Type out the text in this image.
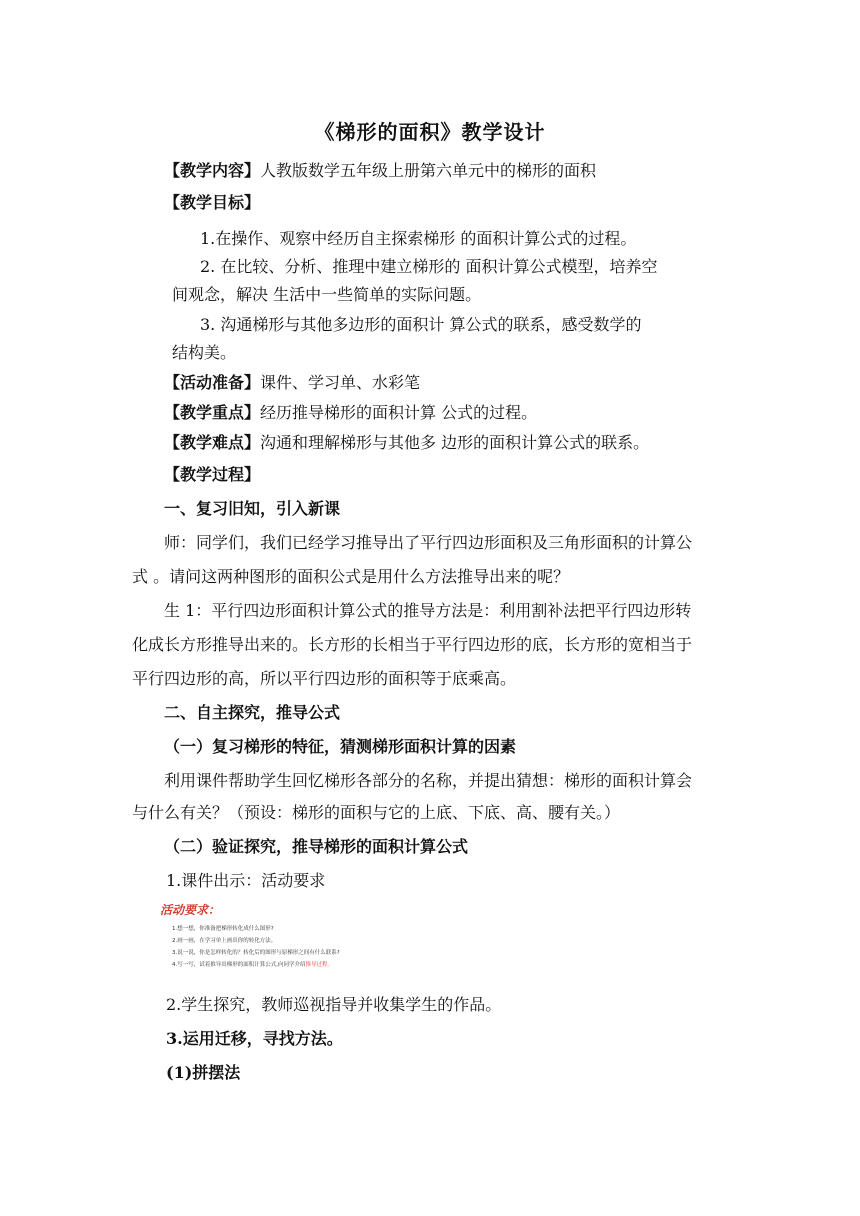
《梯形的面积》教学设计
【教学内容】人教版数学五年级上册第六单元中的梯形的面积
【教学目标】
1.在操作、观察中经历自主探索梯形 的面积计算公式的过程。
2. 在比较、分析、推理中建立梯形的 面积计算公式模型，培养空
间观念，解决 生活中一些简单的实际问题。
3. 沟通梯形与其他多边形的面积计 算公式的联系，感受数学的
结构美。
【活动准备】课件、学习单、水彩笔
【教学重点】经历推导梯形的面积计算 公式的过程。
【教学难点】沟通和理解梯形与其他多 边形的面积计算公式的联系。
【教学过程】
一、复习旧知，引入新课
师：同学们，我们已经学习推导出了平行四边形面积及三角形面积的计算公
式 。请问这两种图形的面积公式是用什么方法推导出来的呢？
生 1：平行四边形面积计算公式的推导方法是：利用割补法把平行四边形转
化成长方形推导出来的。长方形的长相当于平行四边形的底，长方形的宽相当于
平行四边形的高，所以平行四边形的面积等于底乘高。
二、自主探究，推导公式
（一）复习梯形的特征，猜测梯形面积计算的因素
利用课件帮助学生回忆梯形各部分的名称，并提出猜想：梯形的面积计算会
与什么有关？（预设：梯形的面积与它的上底、下底、高、腰有关。）
（二）验证探究，推导梯形的面积计算公式
1.课件出示：活动要求
活动要求：
1.想一想，你准备把梯形转化成什么图形?
2.画一画，在学习单上画出你的转化方法。
3.说一说，你是怎样转化的？转化后的图形与原梯形之间有什么联系?
4.写一写，试着推导出梯形的面积计算公式,向同学介绍推导过程。
2.学生探究，教师巡视指导并收集学生的作品。
3.运用迁移，寻找方法。
(1)拼摆法
